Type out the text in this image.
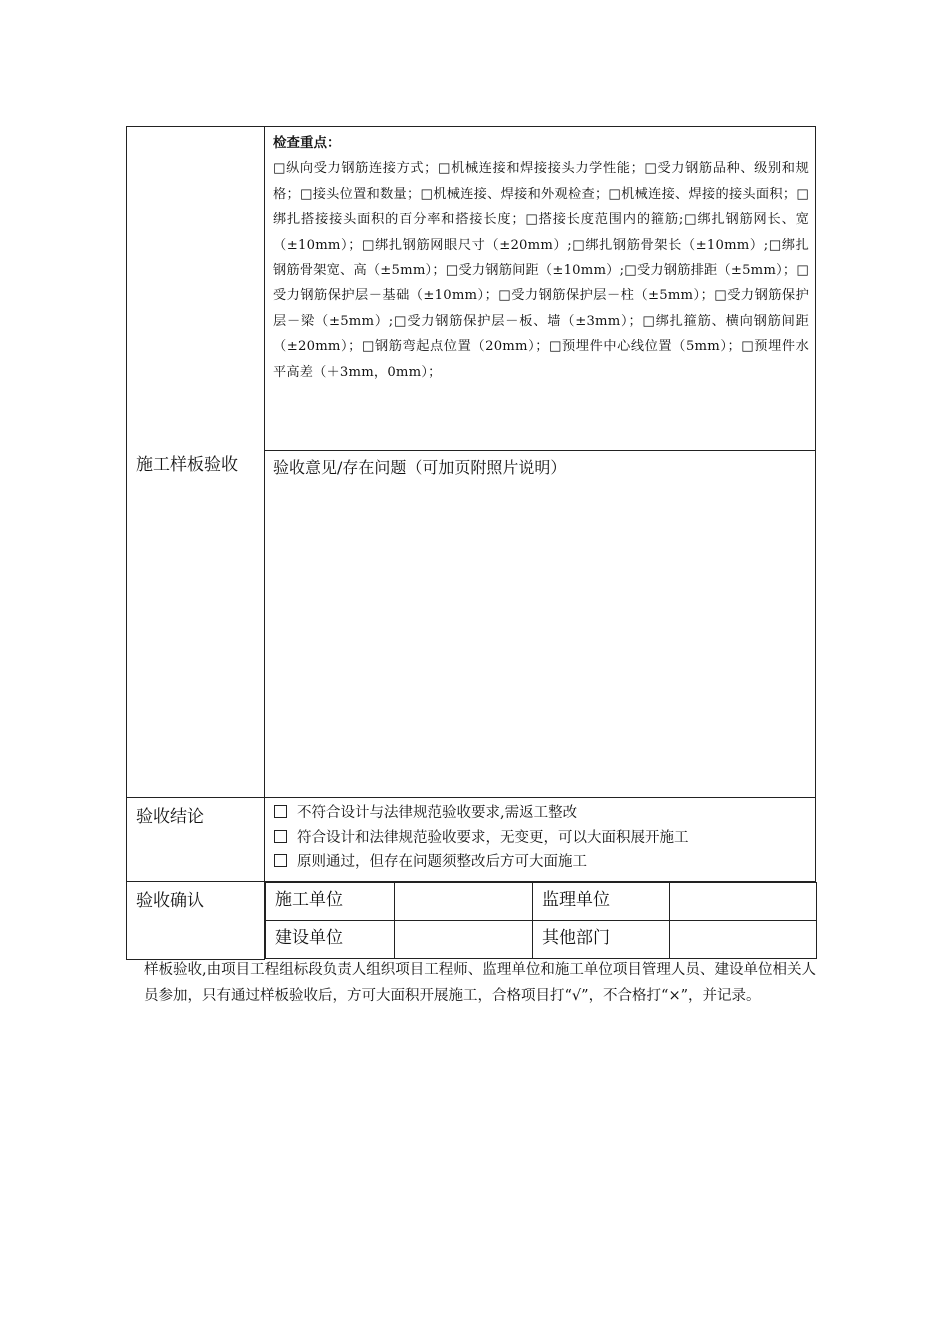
施工样板验收	
检查重点：
□纵向受力钢筋连接方式；□机械连接和焊接接头力学性能；□受力钢筋品种、级别和规格；□接头位置和数量；□机械连接、焊接和外观检查；□机械连接、焊接的接头面积；□绑扎搭接接头面积的百分率和搭接长度；□搭接长度范围内的箍筋;□绑扎钢筋网长、宽（±10mm）；□绑扎钢筋网眼尺寸（±20mm）;□绑扎钢筋骨架长（±10mm）;□绑扎钢筋骨架宽、高（±5mm）；□受力钢筋间距（±10mm）;□受力钢筋排距（±5mm）；□受力钢筋保护层－基础（±10mm）；□受力钢筋保护层－柱（±5mm）；□受力钢筋保护层－梁（±5mm）;□受力钢筋保护层－板、墙（±3mm）；□绑扎箍筋、横向钢筋间距（±20mm）；□钢筋弯起点位置（20mm）；□预埋件中心线位置（5mm）；□预埋件水平高差（＋3mm，0mm）；

验收意见/存在问题（可加页附照片说明）
验收结论	不符合设计与法律规范验收要求,需返工整改
符合设计和法律规范验收要求，无变更，可以大面积展开施工
原则通过，但存在问题须整改后方可大面施工

验收确认		施工单位		监理单位	
建设单位		其他部门	
样板验收,由项目工程组标段负责人组织项目工程师、监理单位和施工单位项目管理人员、建设单位相关人员参加，只有通过样板验收后，方可大面积开展施工，合格项目打“√”，不合格打“×”，并记录。
